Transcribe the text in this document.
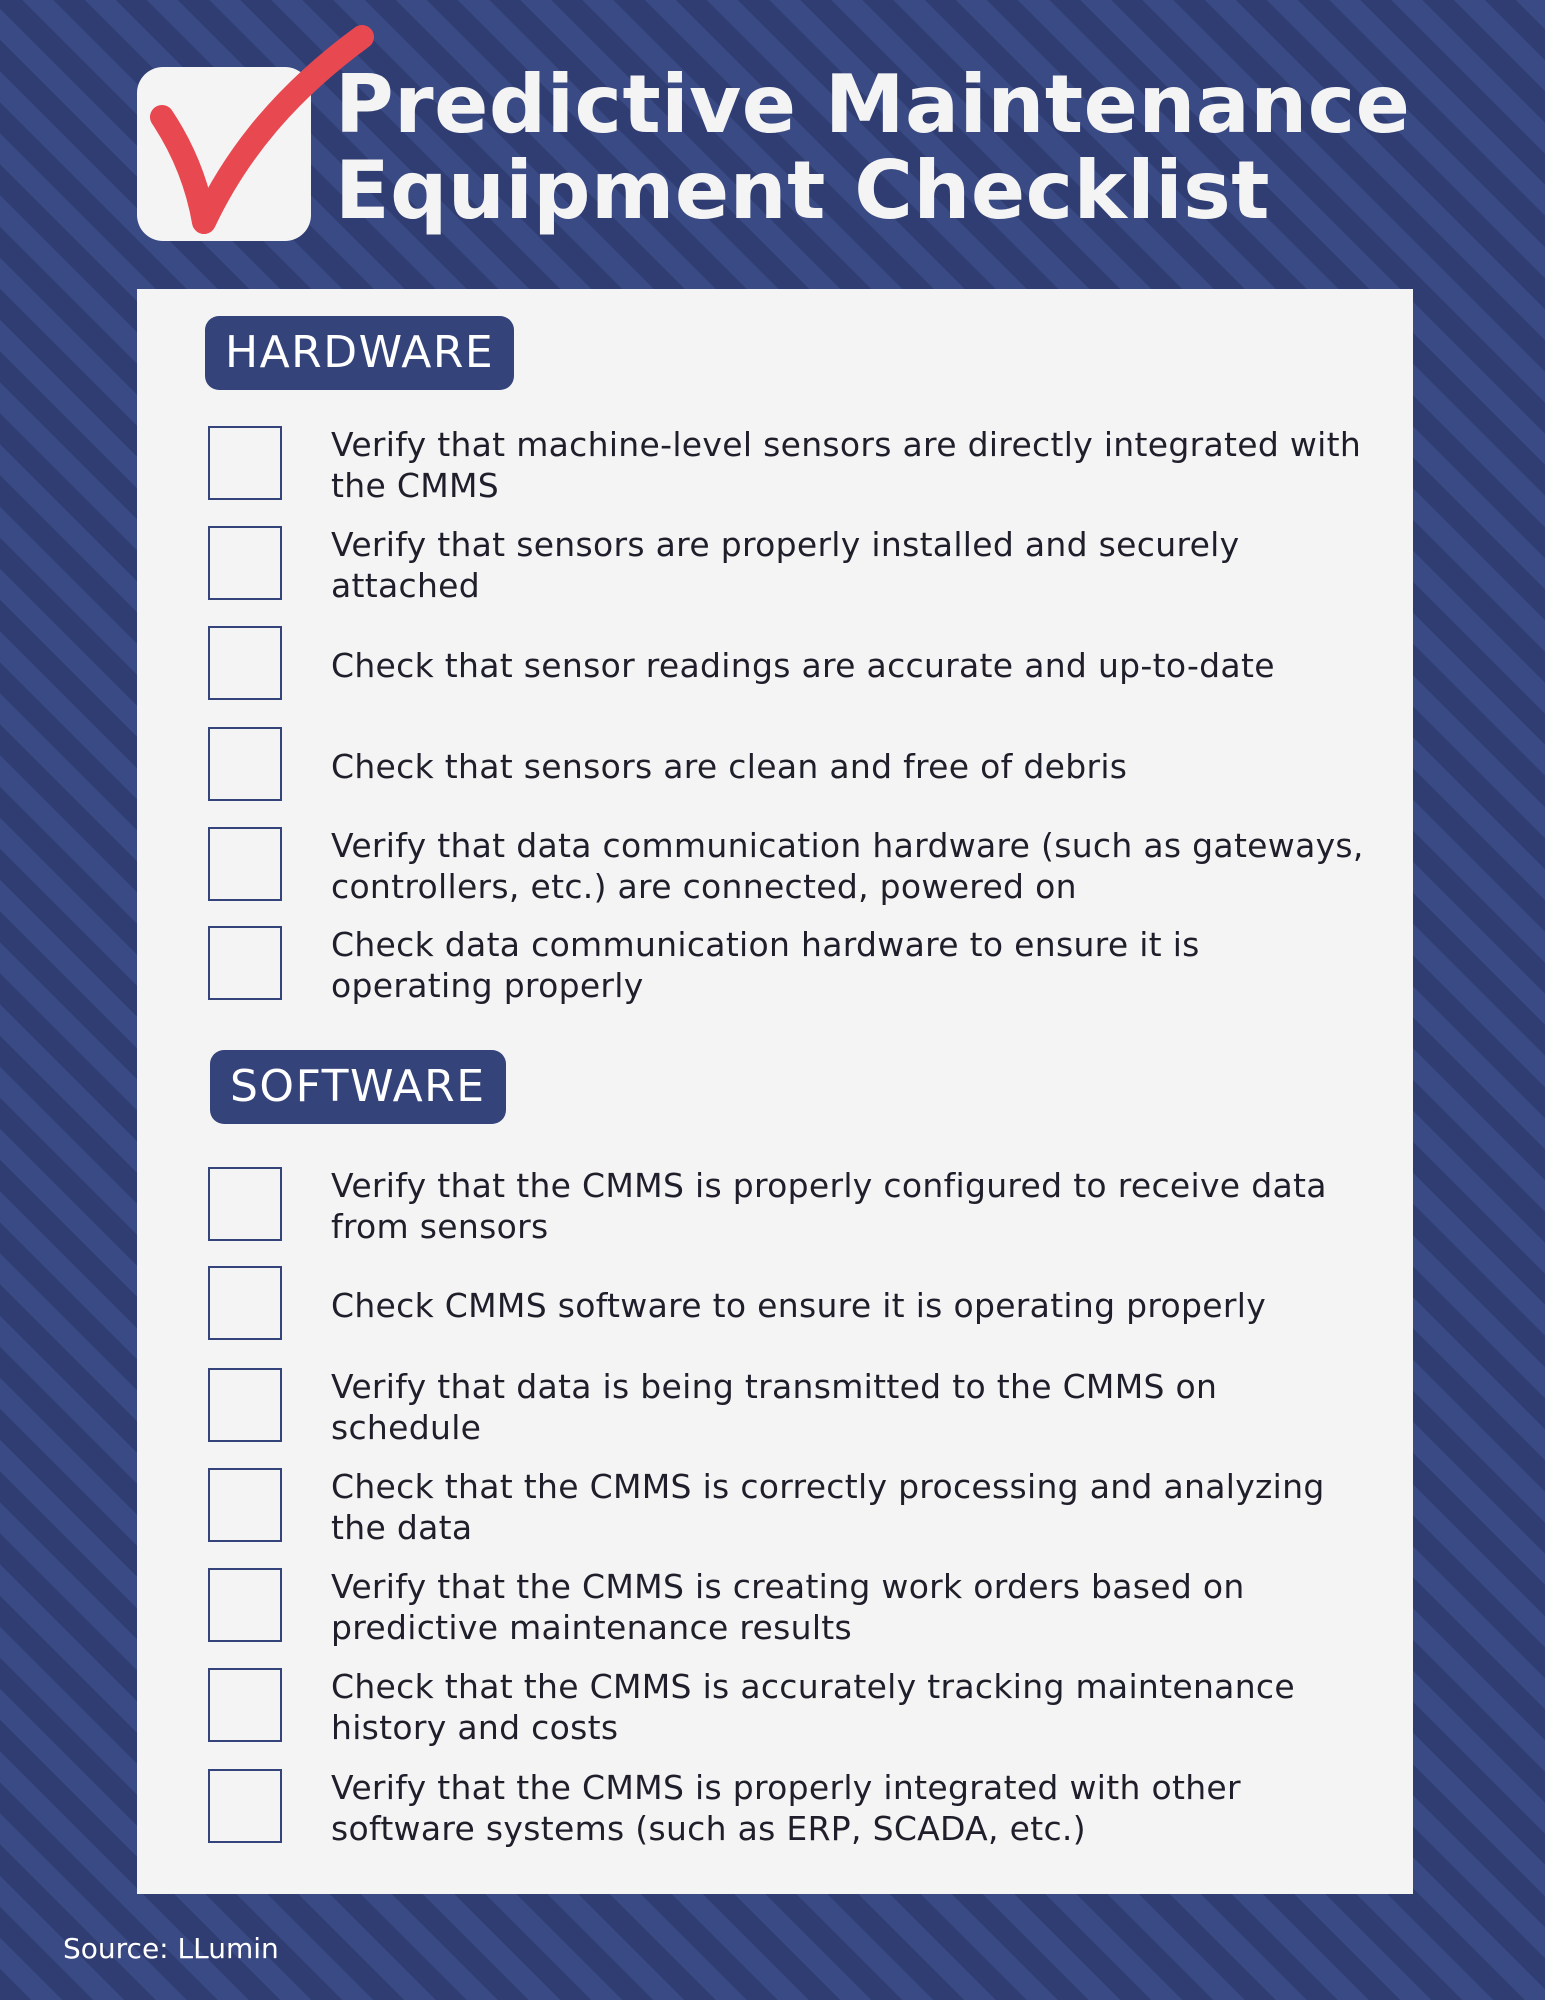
Predictive Maintenance
Equipment Checklist
HARDWARE
Verify that machine-level sensors are directly integrated with the CMMS
Verify that sensors are properly installed and securely attached
Check that sensor readings are accurate and up-to-date
Check that sensors are clean and free of debris
Verify that data communication hardware (such as gateways, controllers, etc.) are connected, powered on
Check data communication hardware to ensure it is operating properly
SOFTWARE
Verify that the CMMS is properly configured to receive data from sensors
Check CMMS software to ensure it is operating properly
Verify that data is being transmitted to the CMMS on schedule
Check that the CMMS is correctly processing and analyzing the data
Verify that the CMMS is creating work orders based on predictive maintenance results
Check that the CMMS is accurately tracking maintenance history and costs
Verify that the CMMS is properly integrated with other software systems (such as ERP, SCADA, etc.)
Source: LLumin
